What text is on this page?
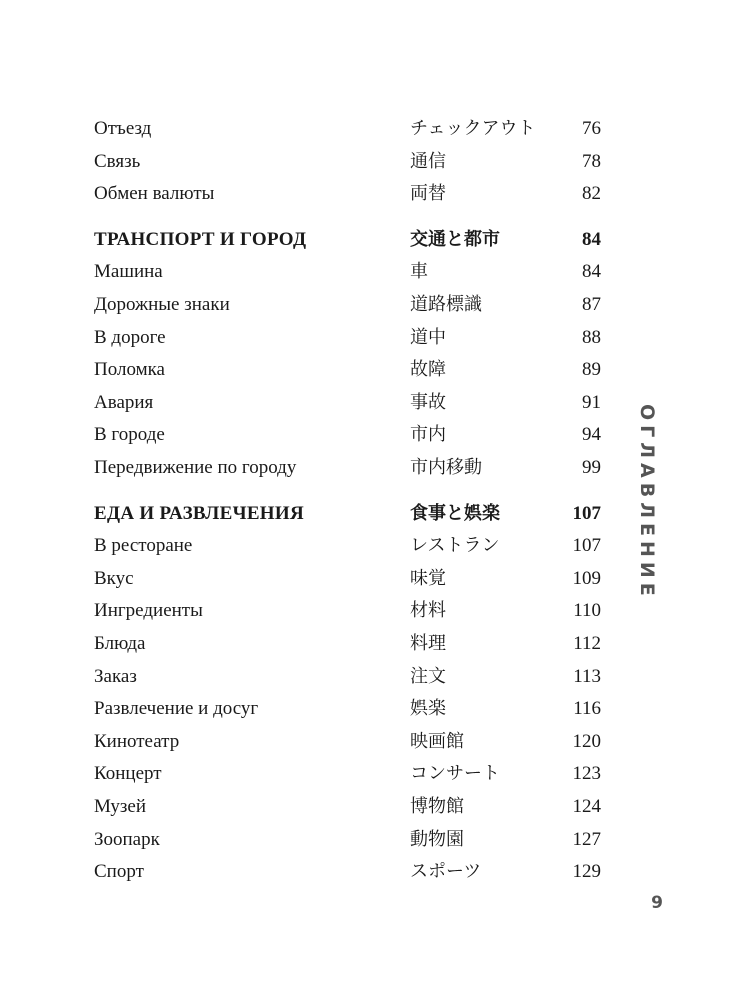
Отъезд	チェックアウト 76
Связь	通信	78
Обмен валюты	両替	82
ТРАНСПОРТ И ГОРОД	交通と都市	84
Машина	車	84
Дорожные знаки	道路標識	87
В дороге	道中	88
Поломка	故障	89
Авария	事故	91
В городе	市内	94
Передвижение по городу	市内移動	99
ЕДА И РАЗВЛЕЧЕНИЯ	食事と娯楽	107
В ресторане	レストラン	107
Вкус	味覚	109
Ингредиенты	材料	110
Блюда	料理	112
Заказ	注文	113
Развлечение и досуг	娯楽	116
Кинотеатр	映画館	120
Концерт	コンサート	123
Музей	博物館	124
Зоопарк	動物園	127
Спорт	スポーツ	129
ОГЛАВЛЕНИЕ
9
